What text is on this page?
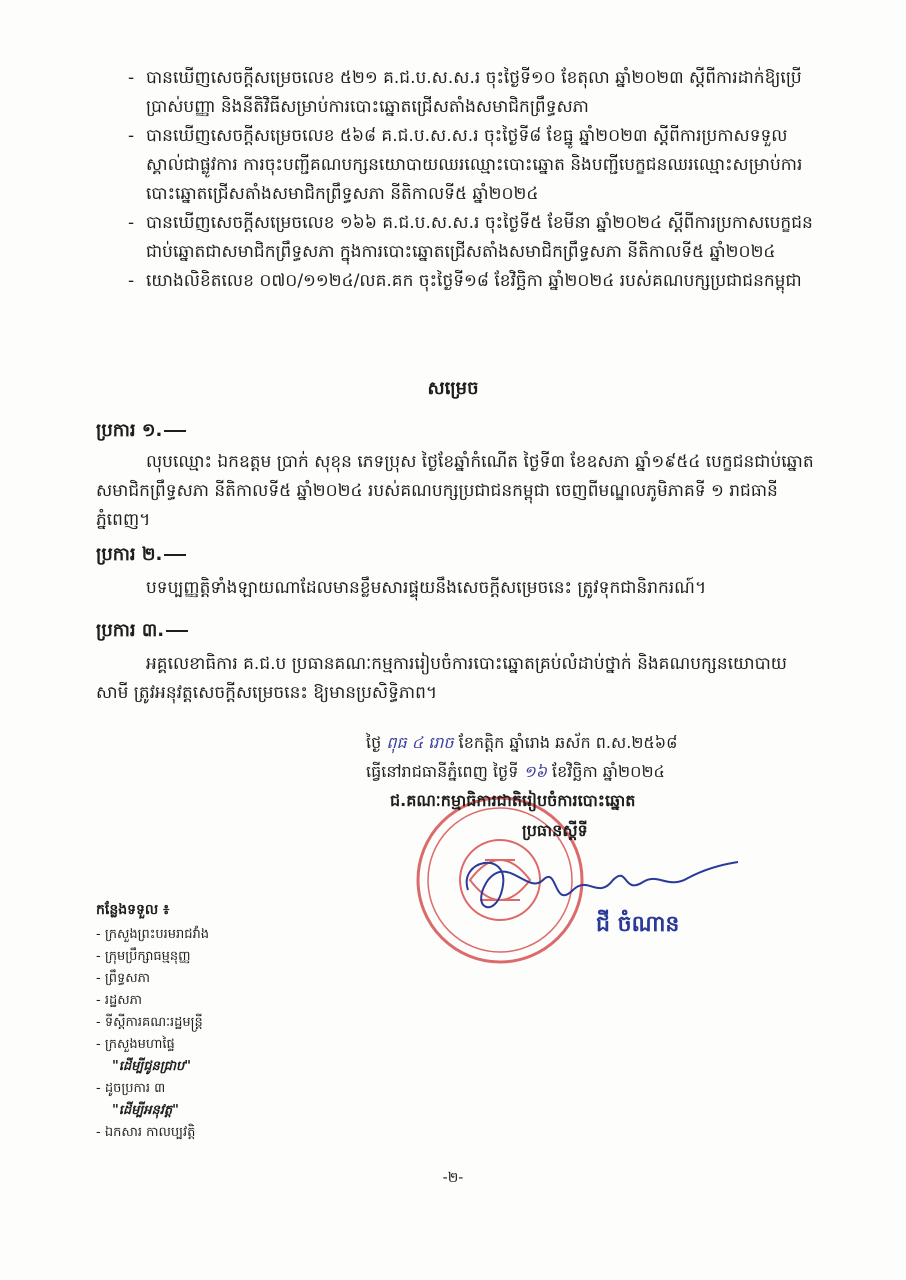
- បានឃើញសេចក្តីសម្រេចលេខ ៥២១ គ.ជ.ប.ស.ស.រ ចុះថ្ងៃទី១០ ខែតុលា ឆ្នាំ២០២៣ ស្តីពីការដាក់ឱ្យប្រើប្រាស់បញ្ញា និងនីតិវិធីសម្រាប់ការបោះឆ្នោតជ្រើសតាំងសមាជិកព្រឹទ្ធសភា

- បានឃើញសេចក្តីសម្រេចលេខ ៥៦៨ គ.ជ.ប.ស.ស.រ ចុះថ្ងៃទី៨ ខែធ្នូ ឆ្នាំ២០២៣ ស្តីពីការប្រកាសទទួលស្គាល់ជាផ្លូវការ ការចុះបញ្ជីគណបក្សនយោបាយឈរឈ្មោះបោះឆ្នោត និងបញ្ជីបេក្ខជនឈរឈ្មោះសម្រាប់ការបោះឆ្នោតជ្រើសតាំងសមាជិកព្រឹទ្ធសភា នីតិកាលទី៥ ឆ្នាំ២០២៤

- បានឃើញសេចក្តីសម្រេចលេខ ១៦៦ គ.ជ.ប.ស.ស.រ ចុះថ្ងៃទី៥ ខែមីនា ឆ្នាំ២០២៤ ស្តីពីការប្រកាសបេក្ខជនជាប់ឆ្នោតជាសមាជិកព្រឹទ្ធសភា ក្នុងការបោះឆ្នោតជ្រើសតាំងសមាជិកព្រឹទ្ធសភា នីតិកាលទី៥ ឆ្នាំ២០២៤

- យោងលិខិតលេខ ០៧០/១១២៤/លគ.គក ចុះថ្ងៃទី១៨ ខែវិច្ឆិកា ឆ្នាំ២០២៤ របស់គណបក្សប្រជាជនកម្ពុជា

សម្រេច
ប្រការ ១.
លុបឈ្មោះ ឯកឧត្តម ប្រាក់ សុខុន ភេទប្រុស ថ្ងៃខែឆ្នាំកំណើត ថ្ងៃទី៣ ខែឧសភា ឆ្នាំ១៩៥៤ បេក្ខជនជាប់ឆ្នោតសមាជិកព្រឹទ្ធសភា នីតិកាលទី៥ ឆ្នាំ២០២៤ របស់គណបក្សប្រជាជនកម្ពុជា ចេញពីមណ្ឌលភូមិភាគទី ១ រាជធានីភ្នំពេញ។
ប្រការ ២.
បទប្បញ្ញត្តិទាំងឡាយណាដែលមានខ្លឹមសារផ្ទុយនឹងសេចក្តីសម្រេចនេះ ត្រូវទុកជានិរាករណ៍។
ប្រការ ៣.
អគ្គលេខាធិការ គ.ជ.ប ប្រធានគណៈកម្មការរៀបចំការបោះឆ្នោតគ្រប់លំដាប់ថ្នាក់ និងគណបក្សនយោបាយសាមី ត្រូវអនុវត្តសេចក្តីសម្រេចនេះ ឱ្យមានប្រសិទ្ធិភាព។
ថ្ងៃ ពុធ ៤ រោច ខែកត្តិក ឆ្នាំរោង ឆស័ក ព.ស.២៥៦៨
ធ្វើនៅរាជធានីភ្នំពេញ ថ្ងៃទី ១៦ ខែវិច្ឆិកា ឆ្នាំ២០២៤
ជ.គណៈកម្មាធិការជាតិរៀបចំការបោះឆ្នោត
ប្រធានស្តីទី
ជី ចំណាន
កន្លែងទទួល ៖
- ក្រសួងព្រះបរមរាជវាំង
- ក្រុមប្រឹក្សាធម្មនុញ្ញ
- ព្រឹទ្ធសភា
- រដ្ឋសភា
- ទីស្តីការគណៈរដ្ឋមន្ត្រី
- ក្រសួងមហាផ្ទៃ
"ដើម្បីជូនជ្រាប"
- ដូចប្រការ ៣
"ដើម្បីអនុវត្ត"
- ឯកសារ កាលប្បវត្តិ
-២-
